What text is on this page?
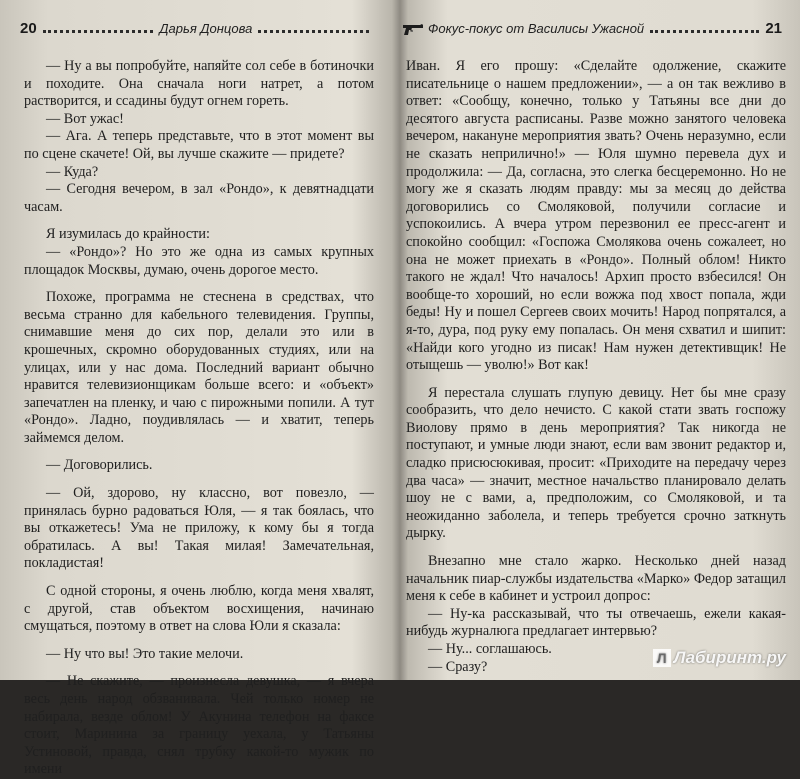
20	Дарья Донцова

— Ну а вы попробуйте, напяйте сол себе в ботиночки и походите. Она сначала ноги натрет, а потом растворится, и ссадины будут огнем гореть.

— Вот ужас!

— Ага. А теперь представьте, что в этот момент вы по сцене скачете! Ой, вы лучше скажите — придете?

— Куда?

— Сегодня вечером, в зал «Рондо», к девятнадцати часам.

Я изумилась до крайности:

— «Рондо»? Но это же одна из самых крупных площадок Москвы, думаю, очень дорогое место.

Похоже, программа не стеснена в средствах, что весьма странно для кабельного телевидения. Группы, снимавшие меня до сих пор, делали это или в крошечных, скромно оборудованных студиях, или на улицах, или у нас дома. Последний вариант обычно нравится телевизионщикам больше всего: и «объект» запечатлен на пленку, и чаю с пирожными попили. А тут «Рондо». Ладно, поудивлялась — и хватит, теперь займемся делом.

— Договорились.

— Ой, здорово, ну классно, вот повезло, — принялась бурно радоваться Юля, — я так боялась, что вы откажетесь! Ума не приложу, к кому бы я тогда обратилась. А вы! Такая милая! Замечательная, покладистая!

С одной стороны, я очень люблю, когда меня хвалят, с другой, став объектом восхищения, начинаю смущаться, поэтому в ответ на слова Юли я сказала:

— Ну что вы! Это такие мелочи.

— Не скажите, — произнесла девушка, — я вчера весь день народ обзванивала. Чей только номер не набирала, везде облом! У Акунина телефон на факсе стоит, Маринина за границу уехала, у Татьяны Устиновой, правда, снял трубку какой-то мужик по имени

Фокус-покус от Василисы Ужасной	21

Иван. Я его прошу: «Сделайте одолжение, скажите писательнице о нашем предложении», — а он так вежливо в ответ: «Сообщу, конечно, только у Татьяны все дни до десятого августа расписаны. Разве можно занятого человека вечером, накануне мероприятия звать? Очень неразумно, если не сказать неприлично!» — Юля шумно перевела дух и продолжила: — Да, согласна, это слегка бесцеремонно. Но не могу же я сказать людям правду: мы за месяц до действа договорились со Смоляковой, получили согласие и успокоились. А вчера утром перезвонил ее пресс-агент и спокойно сообщил: «Госпожа Смолякова очень сожалеет, но она не может приехать в «Рондо». Полный облом! Никто такого не ждал! Что началось! Архип просто взбесился! Он вообще-то хороший, но если вожжа под хвост попала, жди беды! Ну и пошел Сергеев своих мочить! Народ попрятался, а я-то, дура, под руку ему попалась. Он меня схватил и шипит: «Найди кого угодно из писак! Нам нужен детективщик! Не отыщешь — уволю!» Вот как!

Я перестала слушать глупую девицу. Нет бы мне сразу сообразить, что дело нечисто. С какой стати звать госпожу Виолову прямо в день мероприятия? Так никогда не поступают, и умные люди знают, если вам звонит редактор и, сладко присюсюкивая, просит: «Приходите на передачу через два часа» — значит, местное начальство планировало делать шоу не с вами, а, предположим, со Смоляковой, и та неожиданно заболела, и теперь требуется срочно заткнуть дырку.

Внезапно мне стало жарко. Несколько дней назад начальник пиар-службы издательства «Марко» Федор затащил меня к себе в кабинет и устроил допрос:

— Ну-ка рассказывай, что ты отвечаешь, ежели какая-нибудь журналюга предлагает интервью?

— Ну... соглашаюсь.

— Сразу?

Л Лабиринт.ру
